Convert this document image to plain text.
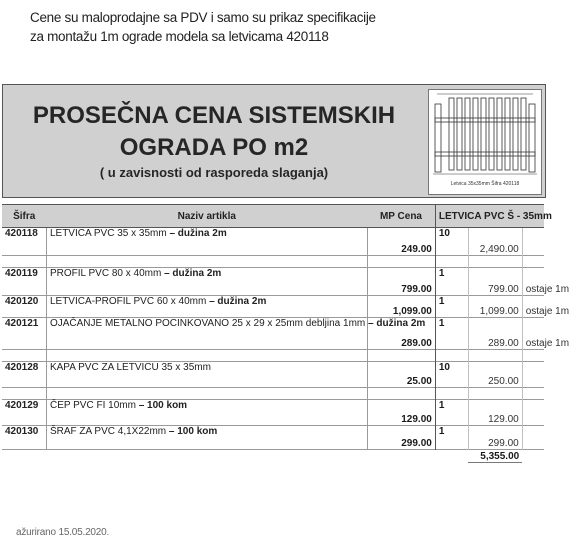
Cene su maloprodajne sa PDV i samo su prikaz specifikacije
za montažu 1m ograde modela sa letvicama 420118
PROSEČNA CENA SISTEMSKIH
OGRADA PO m2
( u zavisnosti od rasporeda slaganja)
Letvica 35x35mm Šifra 420118
Šifra	Naziv artikla	MP Cena	LETVICA PVC Š - 35mm		
420118	LETVICA PVC 35 x 35mm – dužina 2m	249.00	10	2,490.00	

420119	PROFIL PVC 80 x 40mm – dužina 2m	799.00	1	799.00	ostaje 1m
420120	LETVICA-PROFIL PVC 60 x 40mm – dužina 2m	1,099.00	1	1,099.00	ostaje 1m
420121	OJAČANJE METALNO POCINKOVANO 25 x 29 x 25mm debljina 1mm – dužina 2m	289.00	1	289.00	ostaje 1m

420128	KAPA PVC ZA LETVICU 35 x 35mm	25.00	10	250.00	

420129	ČEP PVC FI 10mm – 100 kom	129.00	1	129.00	
420130	ŠRAF ZA PVC 4,1X22mm – 100 kom	299.00	1	299.00	
				5,355.00	
ažurirano 15.05.2020.
